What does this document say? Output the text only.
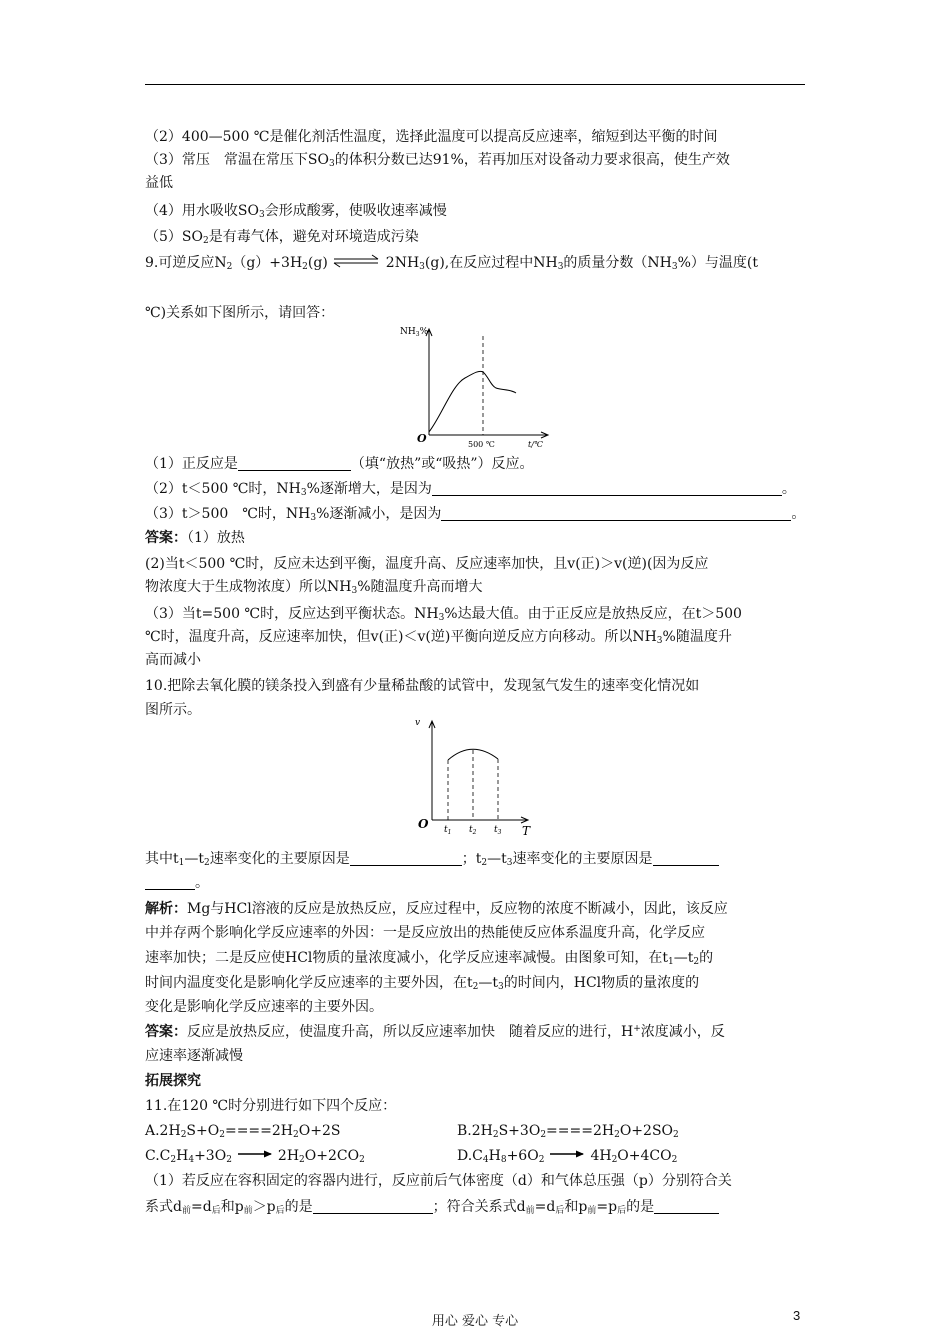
（2）400—500 ℃是催化剂活性温度，选择此温度可以提高反应速率，缩短到达平衡的时间
（3）常压　常温在常压下$SO_3$的体积分数已达91%，若再加压对设备动力要求很高，使生产效
益低
（4）用水吸收$SO_3$会形成酸雾，使吸收速率减慢
$(5)SO_2$是有毒气体，避免对环境造成污染
9.可逆反应$N_2(g)+3H_2(g)$ ⇌ $2NH_3(g)$,在反应过程中$NH_3$的质量分数$(NH_3\%)$与温度(t
℃)关系如下图所示，请回答：
$NH_3\%$
O	500 ℃	t/℃
（1）正反应是	（填“放热”或“吸热”）反应。
（2）t＜500 ℃时，$NH_3\%$逐渐增大，是因为	。
（3）t＞500　℃时，$NH_3\%$逐渐减小，是因为	。
答案：（1）放热
(2)当t＜500 ℃时，反应未达到平衡，温度升高、反应速率加快，且v(正)＞v(逆)(因为反应
物浓度大于生成物浓度）所以$NH_3\%$随温度升高而增大
（3）当t=500 ℃时，反应达到平衡状态。$NH_3\%$达最大值。由于正反应是放热反应，在t＞500
℃时，温度升高，反应速率加快，但v(正)＜v(逆)平衡向逆反应方向移动。所以$NH_3\%$随温度升
高而减小
10.把除去氧化膜的镁条投入到盛有少量稀盐酸的试管中，发现氢气发生的速率变化情况如
图所示。
v
O $t_1$ $t_2$ $t_3$ T
其中$t_1—t_2$速率变化的主要原因是	；$t_2—t_3$速率变化的主要原因是
。
解析：Mg与HCl溶液的反应是放热反应，反应过程中，反应物的浓度不断减小，因此，该反应
中并存两个影响化学反应速率的外因：一是反应放出的热能使反应体系温度升高，化学反应
速率加快；二是反应使HCl物质的量浓度减小，化学反应速率减慢。由图象可知，在$t_1—t_2$的
时间内温度变化是影响化学反应速率的主要外因，在$t_2—t_3$的时间内，HCl物质的量浓度的
变化是影响化学反应速率的主要外因。
答案：反应是放热反应，使温度升高，所以反应速率加快　随着反应的进行，H+浓度减小，反
应速率逐渐减慢
拓展探究
11.在120 ℃时分别进行如下四个反应：
$A.2H_2S+O_2====2H_2O+2S$	$B.2H_2S+3O_2====2H_2O+2SO_2$
$C.C_2H_4+3O_2 \to 2H_2O+2CO_2$	$D.C_4H_8+6O_2 \to 4H_2O+4CO_2$
（1）若反应在容积固定的容器内进行，反应前后气体密度（d）和气体总压强（p）分别符合关
系式$d_前=d_后$和$p_前>p_后$的是	；符合关系式$d_前=d_后$和$p_前=p_后$的是
用心 爱心 专心	3
